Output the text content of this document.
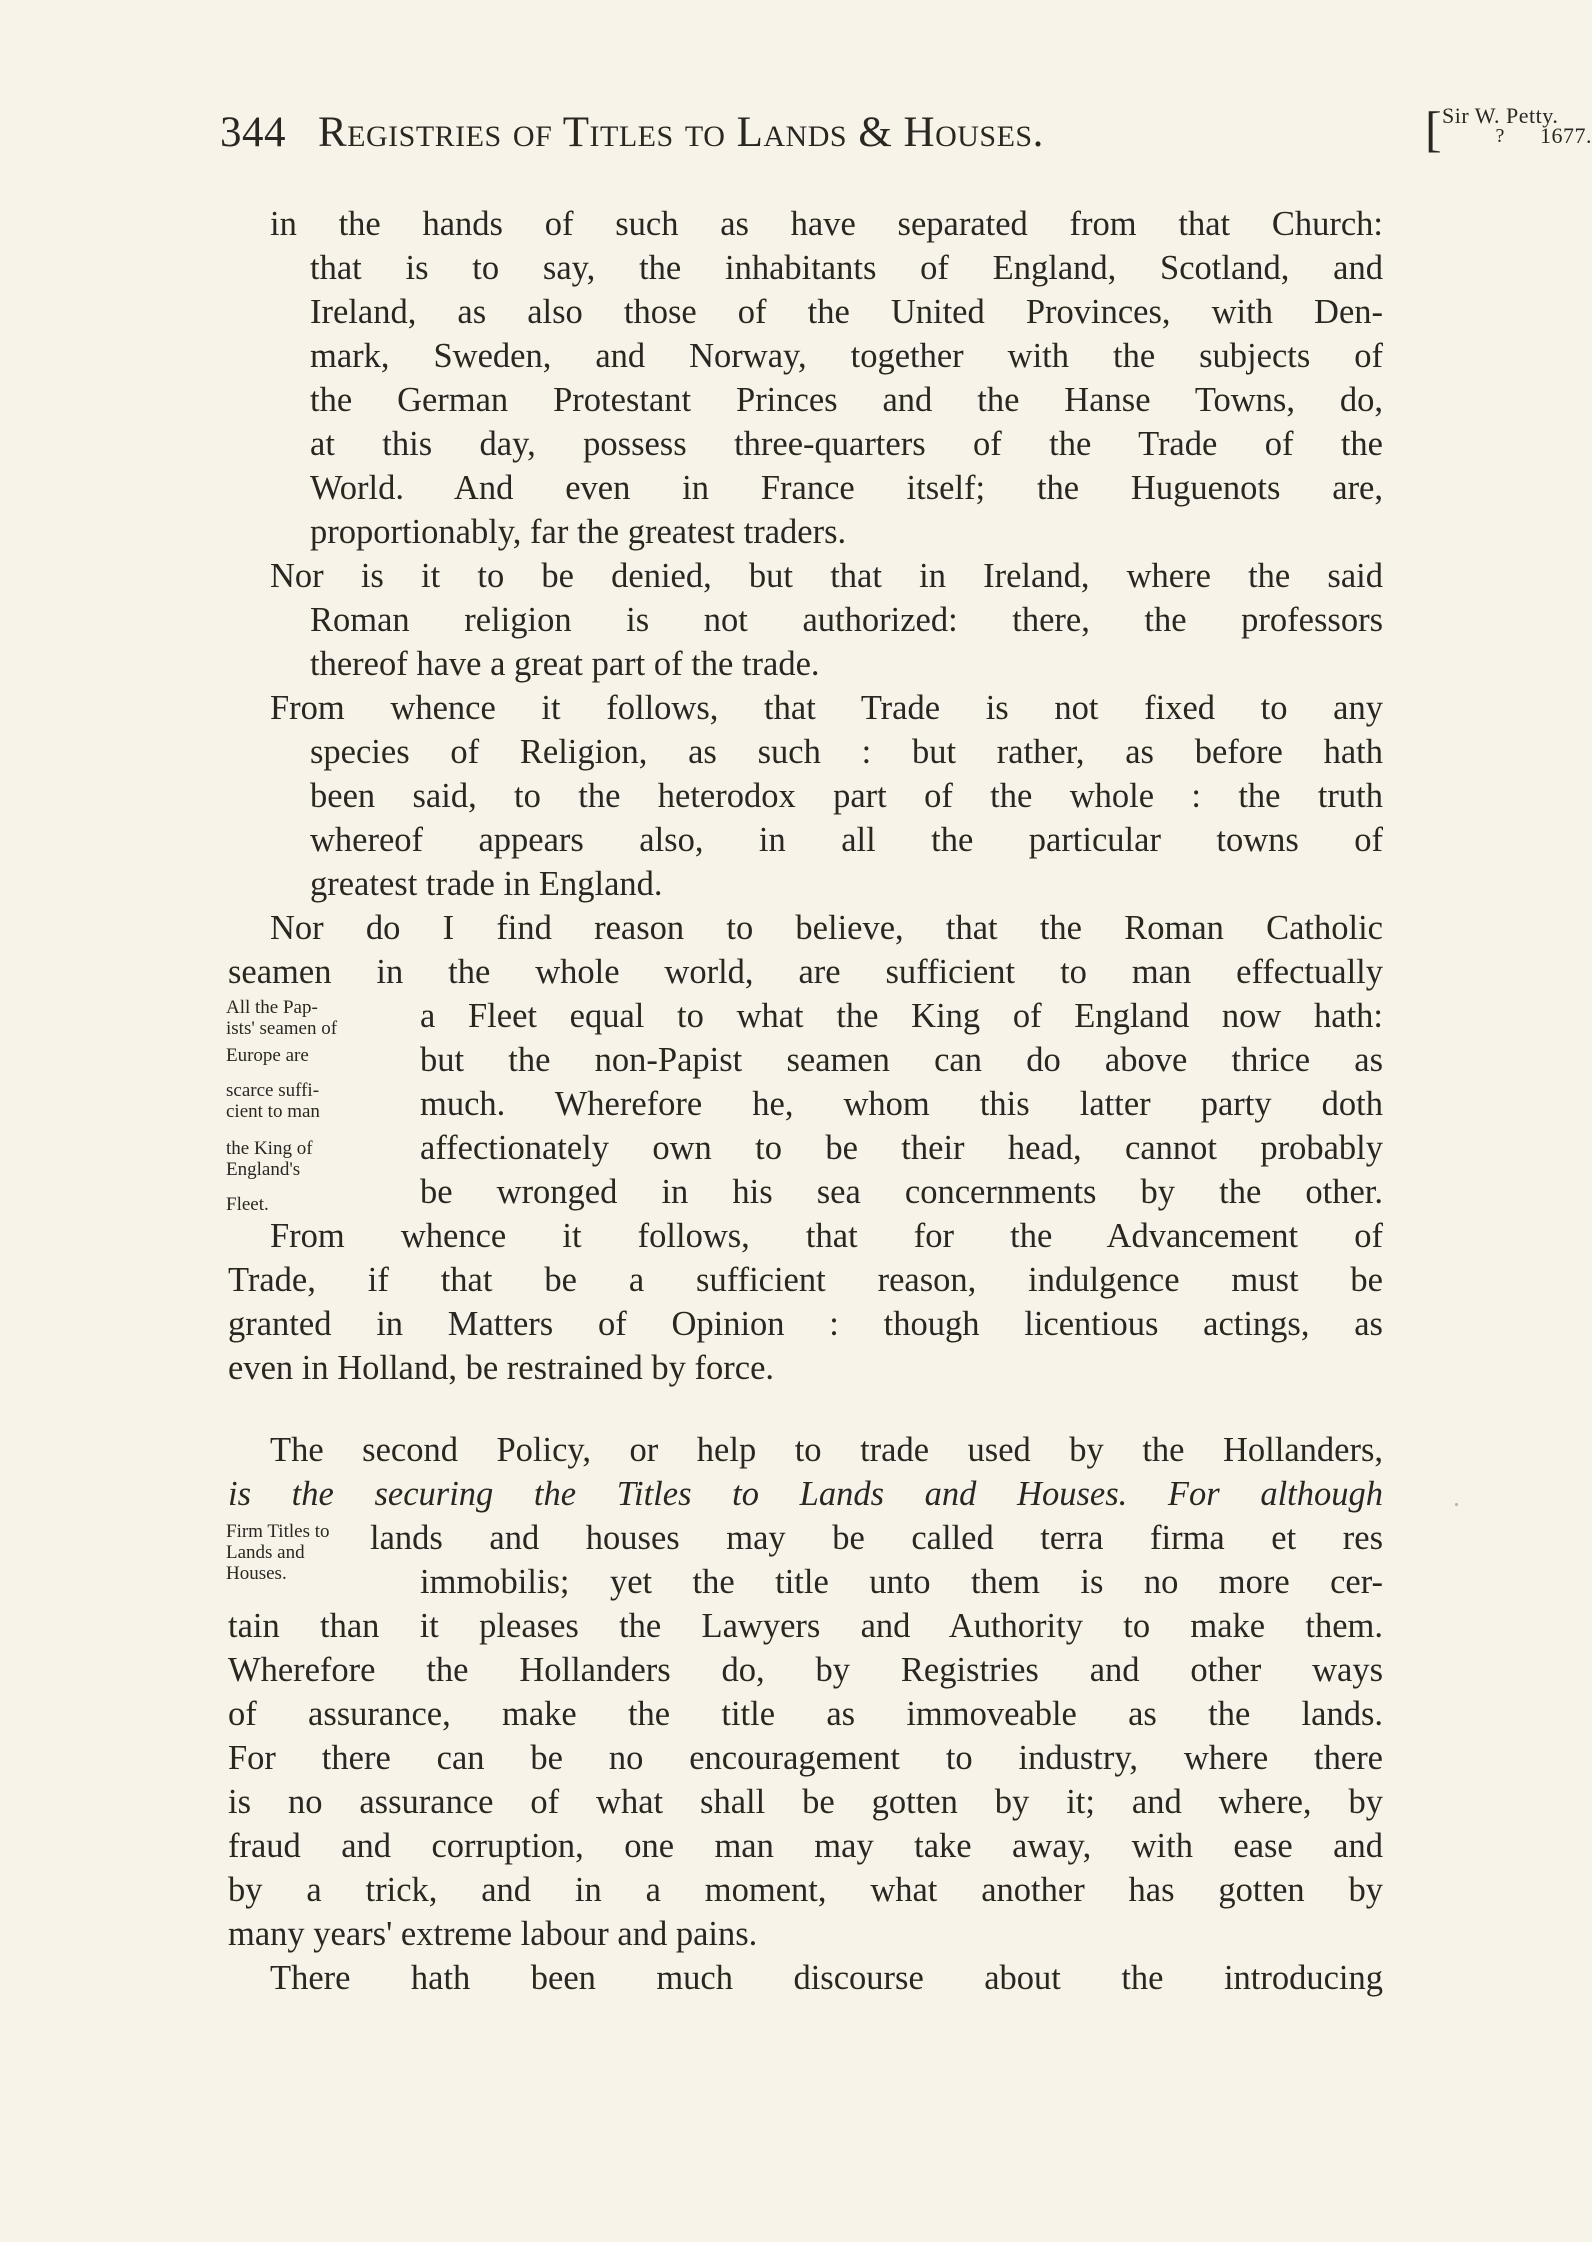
344 Registries of Titles to Lands & Houses.	[ Sir W. Petty.
?	1677.
in the hands of such as have separated from that Church:
that is to say, the inhabitants of England, Scotland, and
Ireland, as also those of the United Provinces, with Den-
mark, Sweden, and Norway, together with the subjects of
the German Protestant Princes and the Hanse Towns, do,
at this day, possess three-quarters of the Trade of the
World. And even in France itself; the Huguenots are,
proportionably, far the greatest traders.
Nor is it to be denied, but that in Ireland, where the said
Roman religion is not authorized: there, the professors
thereof have a great part of the trade.
From whence it follows, that Trade is not fixed to any
species of Religion, as such : but rather, as before hath
been said, to the heterodox part of the whole : the truth
whereof appears also, in all the particular towns of
greatest trade in England.
Nor do I find reason to believe, that the Roman Catholic
seamen in the whole world, are sufficient to man effectually
a Fleet equal to what the King of England now hath:
but the non-Papist seamen can do above thrice as
much. Wherefore he, whom this latter party doth
affectionately own to be their head, cannot probably
be wronged in his sea concernments by the other.
From whence it follows, that for the Advancement of
Trade, if that be a sufficient reason, indulgence must be
granted in Matters of Opinion : though licentious actings, as
even in Holland, be restrained by force.
The second Policy, or help to trade used by the Hollanders,
is the securing the Titles to Lands and Houses. For although
lands and houses may be called terra firma et res
immobilis; yet the title unto them is no more cer-
tain than it pleases the Lawyers and Authority to make them.
Wherefore the Hollanders do, by Registries and other ways
of assurance, make the title as immoveable as the lands.
For there can be no encouragement to industry, where there
is no assurance of what shall be gotten by it; and where, by
fraud and corruption, one man may take away, with ease and
by a trick, and in a moment, what another has gotten by
many years' extreme labour and pains.
There hath been much discourse about the introducing
All the Pap-
ists' seamen of
Europe are
scarce suffi-
cient to man
the King of
England's
Fleet.
Firm Titles to
Lands and
Houses.
